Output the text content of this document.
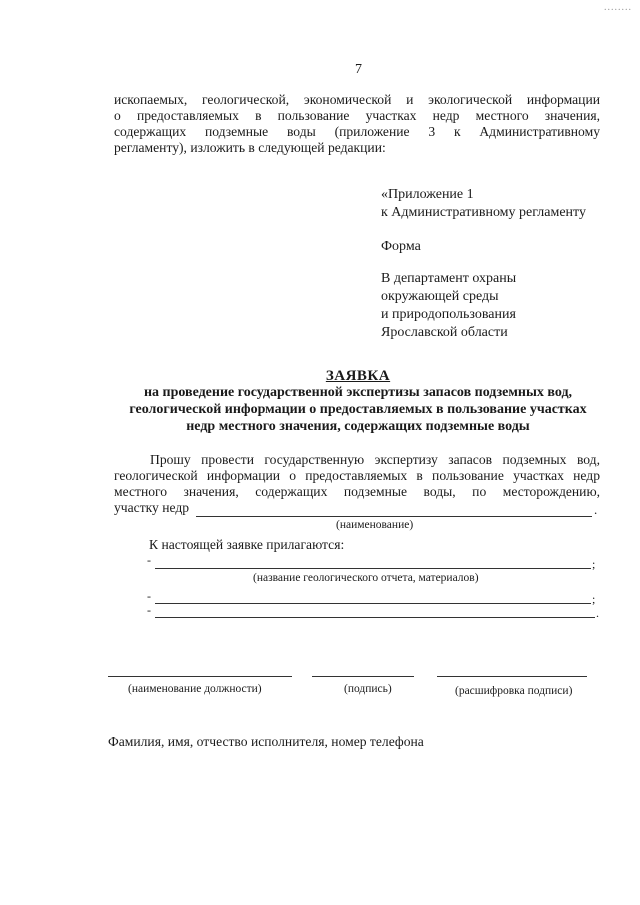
........
7
ископаемых, геологической, экономической и экологической информации
о предоставляемых в пользование участках недр местного значения,
содержащих подземные воды (приложение 3 к Административному
регламенту), изложить в следующей редакции:
«Приложение 1
к Административному регламенту
Форма
В департамент охраны
окружающей среды
и природопользования
Ярославской области
ЗАЯВКА
на проведение государственной экспертизы запасов подземных вод,
геологической информации о предоставляемых в пользование участках
недр местного значения, содержащих подземные воды
Прошу провести государственную экспертизу запасов подземных вод,
геологической информации о предоставляемых в пользование участках недр
местного значения, содержащих подземные воды, по месторождению,
участку недр	.
(наименование)
К настоящей заявке прилагаются:
-	;
(название геологического отчета, материалов)
-	;
-	.
(наименование должности)	(подпись)	(расшифровка подписи)
Фамилия, имя, отчество исполнителя, номер телефона
